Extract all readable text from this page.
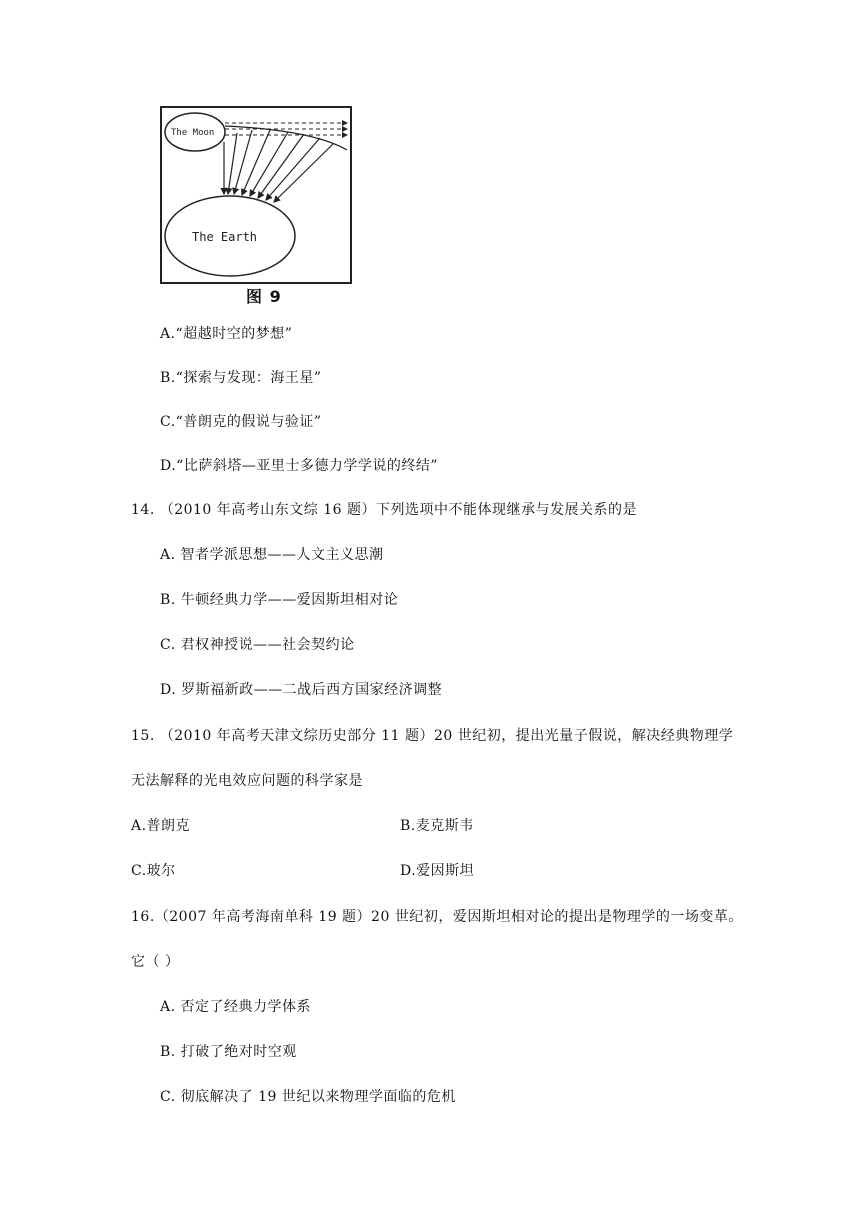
The Moon
The Earth
图 9
A.“超越时空的梦想”
B.“探索与发现：海王星”
C.“普朗克的假说与验证”
D.“比萨斜塔—亚里士多德力学学说的终结”
14. （2010 年高考山东文综 16 题）下列选项中不能体现继承与发展关系的是
A. 智者学派思想——人文主义思潮
B. 牛顿经典力学——爱因斯坦相对论
C. 君权神授说——社会契约论
D. 罗斯福新政——二战后西方国家经济调整
15. （2010 年高考天津文综历史部分 11 题）20 世纪初，提出光量子假说，解决经典物理学
无法解释的光电效应问题的科学家是
A.普朗克	B.麦克斯韦
C.玻尔	D.爱因斯坦
16.（2007 年高考海南单科 19 题）20 世纪初，爱因斯坦相对论的提出是物理学的一场变革。
它（ ）
A. 否定了经典力学体系
B. 打破了绝对时空观
C. 彻底解决了 19 世纪以来物理学面临的危机
